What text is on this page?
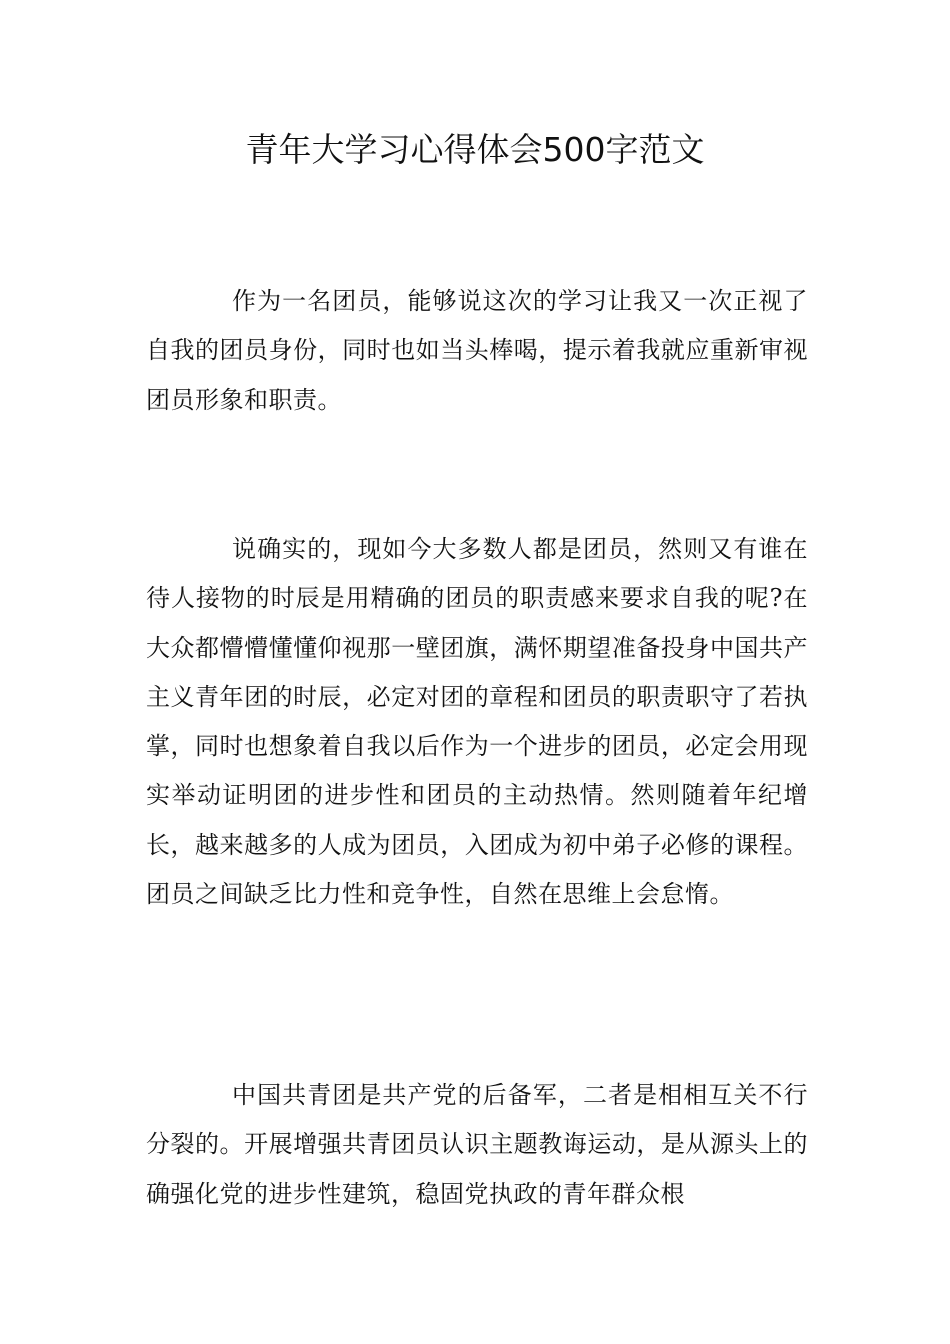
青年大学习心得体会500字范文

作为一名团员，能够说这次的学习让我又一次正视了自我的团员身份，同时也如当头棒喝，提示着我就应重新审视团员形象和职责。

说确实的，现如今大多数人都是团员，然则又有谁在待人接物的时辰是用精确的团员的职责感来要求自我的呢?在大众都懵懵懂懂仰视那一壁团旗，满怀期望准备投身中国共产主义青年团的时辰，必定对团的章程和团员的职责职守了若执掌，同时也想象着自我以后作为一个进步的团员，必定会用现实举动证明团的进步性和团员的主动热情。然则随着年纪增长，越来越多的人成为团员，入团成为初中弟子必修的课程。团员之间缺乏比力性和竞争性，自然在思维上会怠惰。

中国共青团是共产党的后备军，二者是相相互关不行分裂的。开展增强共青团员认识主题教诲运动，是从源头上的确强化党的进步性建筑，稳固党执政的青年群众根
